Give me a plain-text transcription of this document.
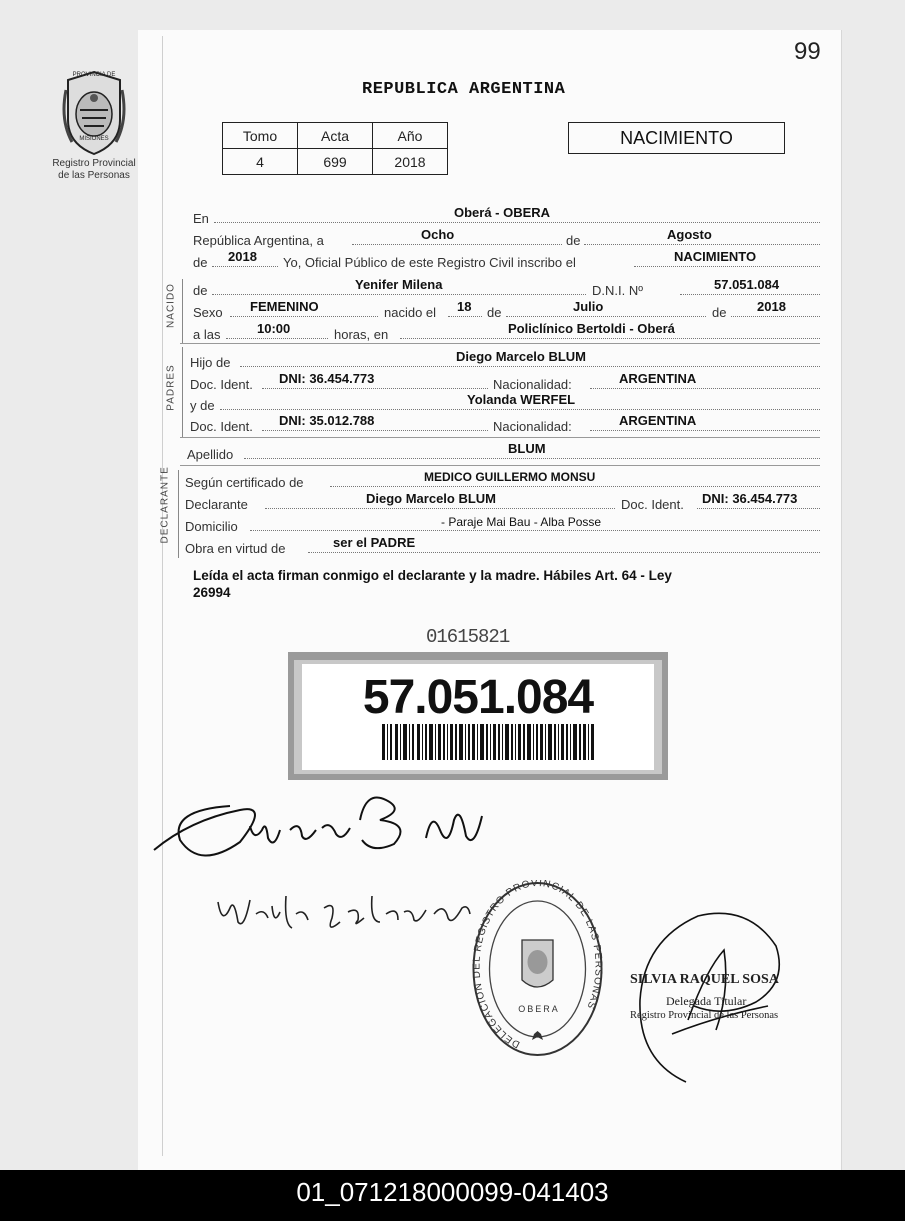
99
PROVINCIA DE
MISIONES
Registro Provincial
de las Personas
REPUBLICA ARGENTINA
Tomo	Acta	Año
4	699	2018
NACIMIENTO
En	Oberá - OBERA
República Argentina, a	Ocho	de	Agosto
de 2018 Yo, Oficial Público de este Registro Civil inscribo el	NACIMIENTO
NACIDO de	Yenifer Milena	D.N.I. Nº	57.051.084
Sexo FEMENINO	nacido el 18 de	Julio	de 2018
a las	10:00	horas, en	Policlínico Bertoldi - Oberá
PADRES
Hijo de	Diego Marcelo BLUM
Doc. Ident. DNI: 36.454.773	Nacionalidad:	ARGENTINA
y de	Yolanda WERFEL
Doc. Ident. DNI: 35.012.788	Nacionalidad:	ARGENTINA
Apellido	BLUM
DECLARANTE Según certificado de	MEDICO GUILLERMO MONSU
Declarante	Diego Marcelo BLUM	Doc. Ident. DNI: 36.454.773
Domicilio	- Paraje Mai Bau - Alba Posse
Obra en virtud de	ser el PADRE
Leída el acta firman conmigo el declarante y la madre. Hábiles Art. 64 - Ley
26994
01615821
57.051.084
DELEGACION DEL REGISTRO PROVINCIAL DE LAS PERSONAS
OBERA
SILVIA RAQUEL SOSA
Delegada Titular
Registro Provincial de las Personas
01_071218000099-041403
